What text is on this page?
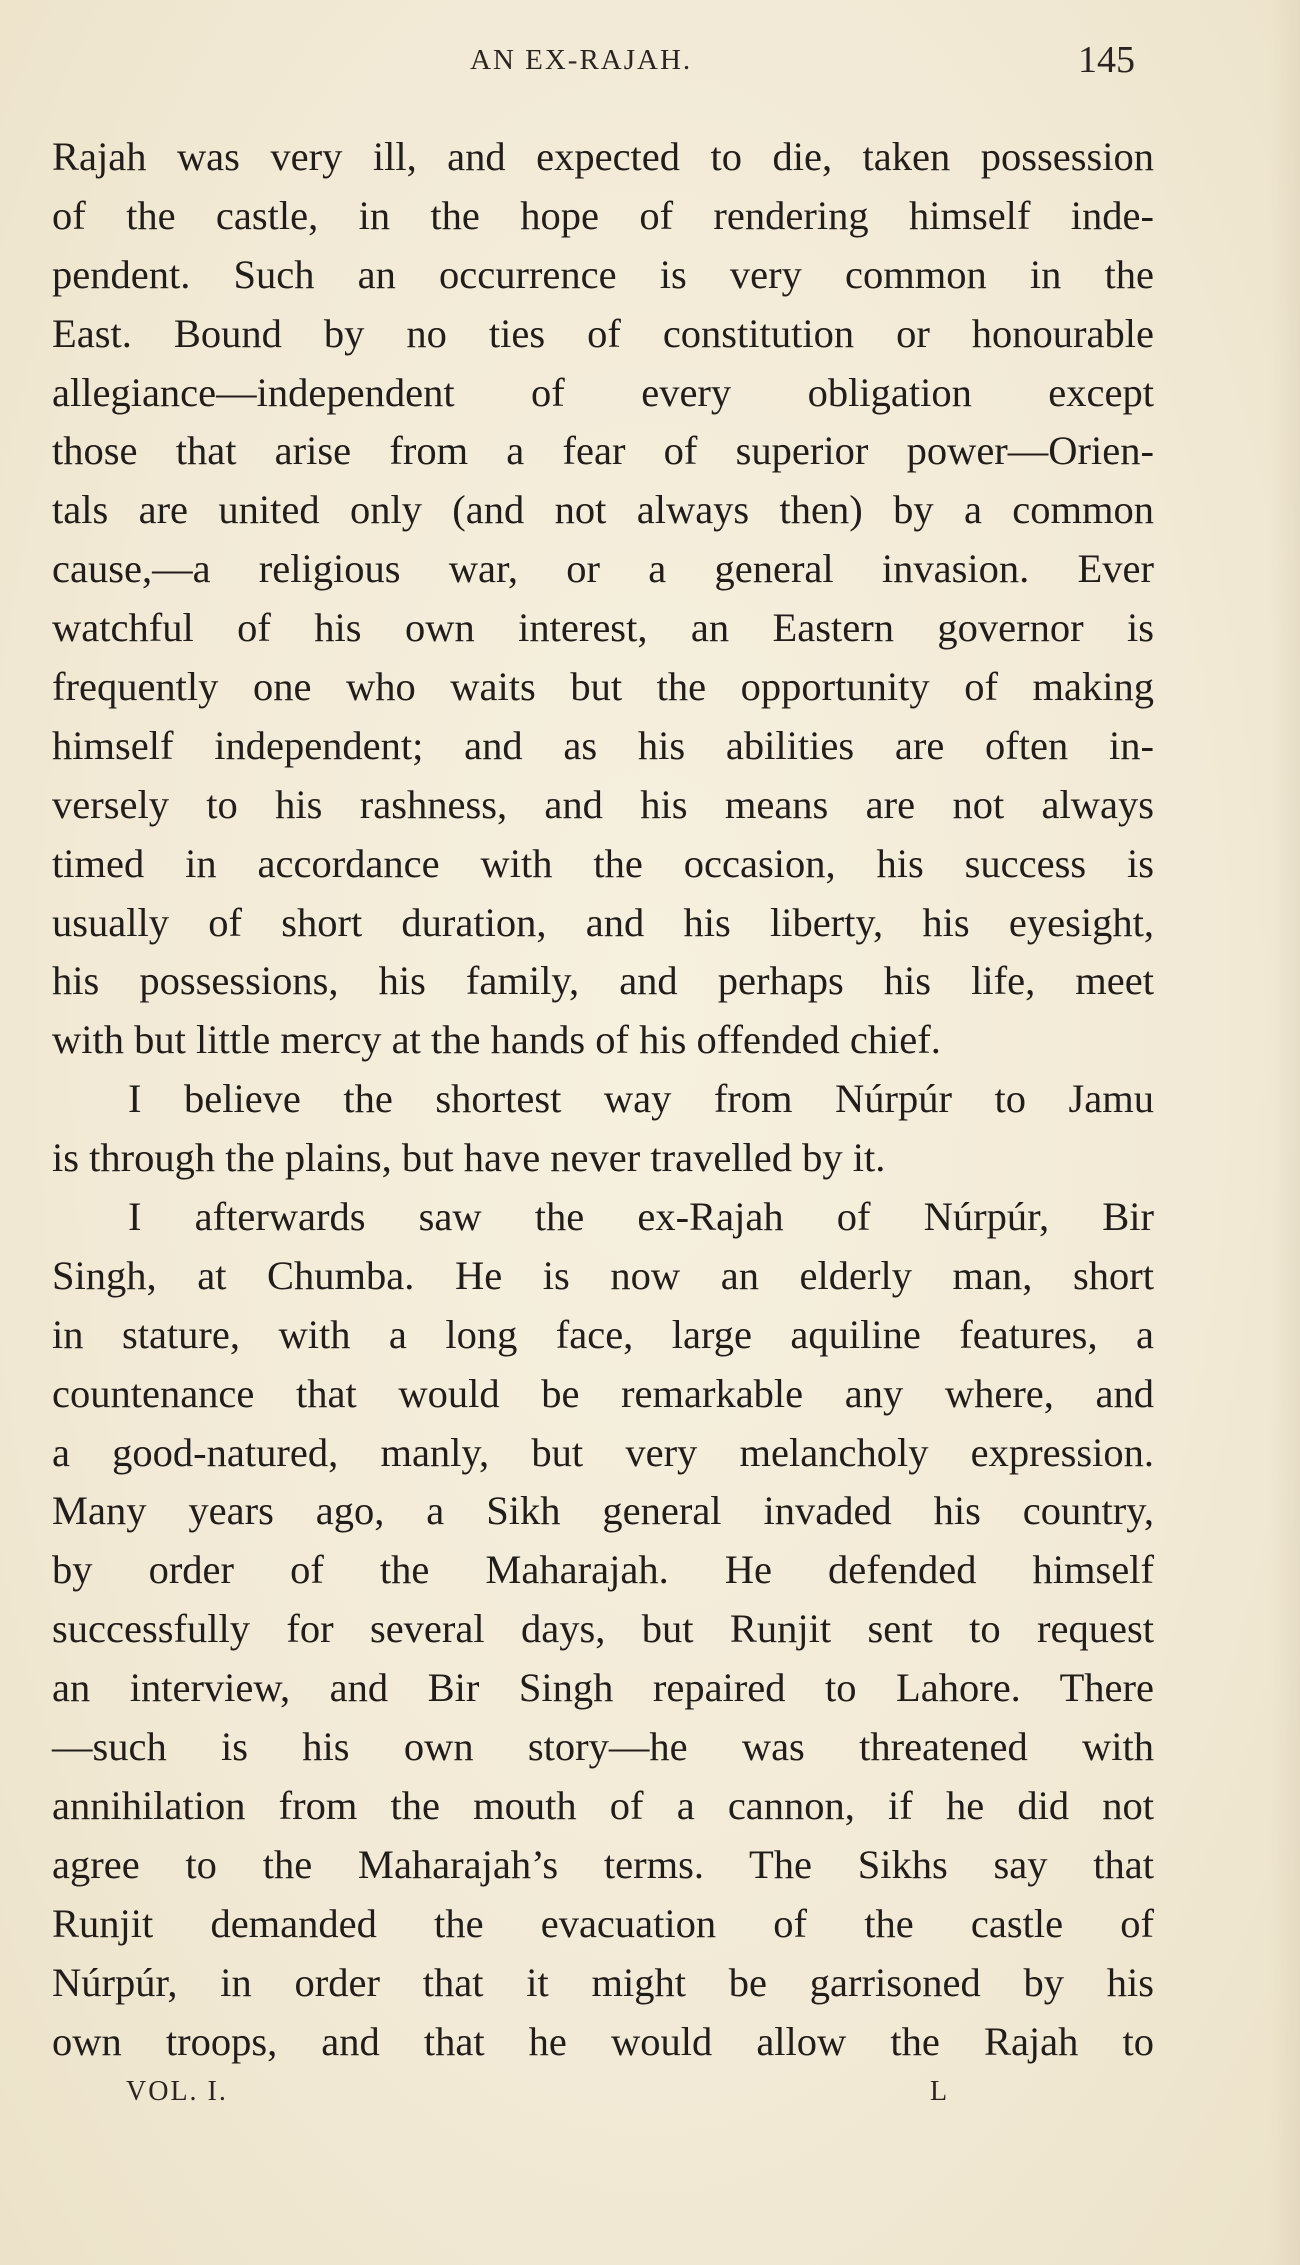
AN EX-RAJAH.	145
Rajah was very ill, and expected to die, taken possession
of the castle, in the hope of rendering himself inde-
pendent. Such an occurrence is very common in the
East. Bound by no ties of constitution or honourable
allegiance—independent of every obligation except
those that arise from a fear of superior power—Orien-
tals are united only (and not always then) by a common
cause,—a religious war, or a general invasion. Ever
watchful of his own interest, an Eastern governor is
frequently one who waits but the opportunity of making
himself independent; and as his abilities are often in-
versely to his rashness, and his means are not always
timed in accordance with the occasion, his success is
usually of short duration, and his liberty, his eyesight,
his possessions, his family, and perhaps his life, meet
with but little mercy at the hands of his offended chief.
I believe the shortest way from Núrpúr to Jamu
is through the plains, but have never travelled by it.
I afterwards saw the ex-Rajah of Núrpúr, Bir
Singh, at Chumba. He is now an elderly man, short
in stature, with a long face, large aquiline features, a
countenance that would be remarkable any where, and
a good-natured, manly, but very melancholy expression.
Many years ago, a Sikh general invaded his country,
by order of the Maharajah. He defended himself
successfully for several days, but Runjit sent to request
an interview, and Bir Singh repaired to Lahore. There
—such is his own story—he was threatened with
annihilation from the mouth of a cannon, if he did not
agree to the Maharajah’s terms. The Sikhs say that
Runjit demanded the evacuation of the castle of
Núrpúr, in order that it might be garrisoned by his
own troops, and that he would allow the Rajah to
VOL. I.	L
